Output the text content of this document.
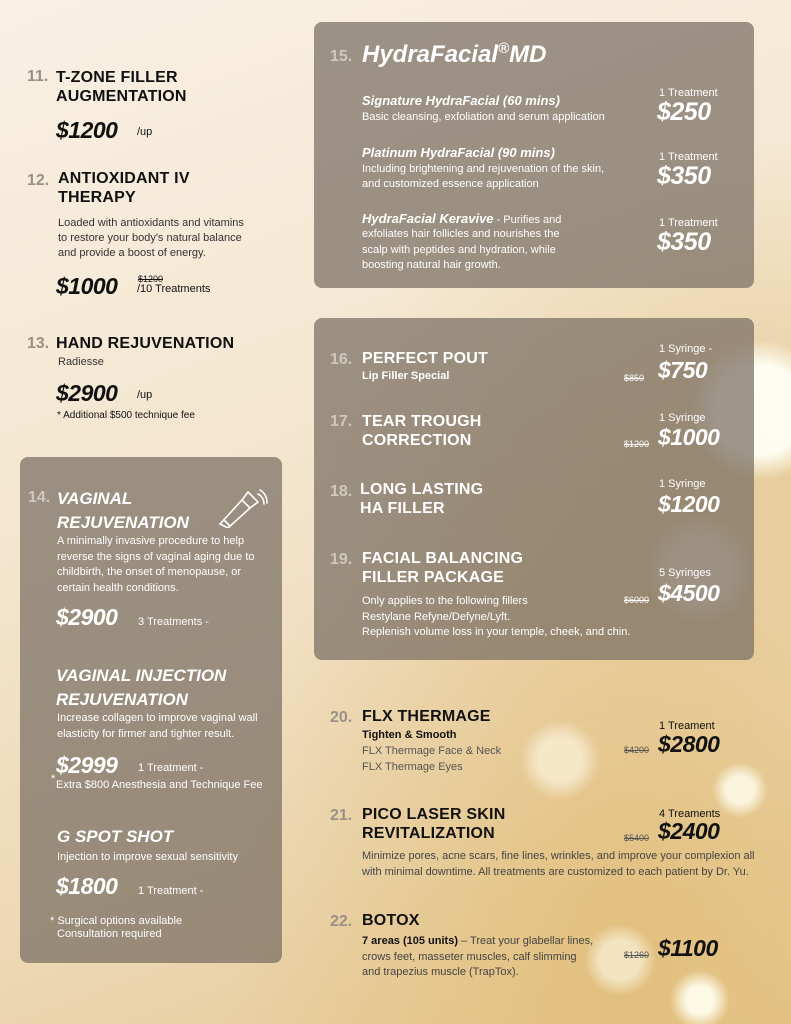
11. T-ZONE FILLER
AUGMENTATION
$1200 /up
12. ANTIOXIDANT IV
THERAPY
Loaded with antioxidants and vitamins
to restore your body's natural balance
and provide a boost of energy.
$1000 $1200
/10 Treatments
13. HAND REJUVENATION
Radiesse
$2900 /up
* Additional $500 technique fee
14. VAGINAL
REJUVENATION
A minimally invasive procedure to help
reverse the signs of vaginal aging due to
childbirth, the onset of menopause, or
certain health conditions.
$2900 3 Treatments -
VAGINAL INJECTION
REJUVENATION
Increase collagen to improve vaginal wall
elasticity for firmer and tighter result.
$2999 1 Treatment -
* Extra $800 Anesthesia and Technique Fee
G SPOT SHOT
Injection to improve sexual sensitivity
$1800 1 Treatment -
* Surgical options available
Consultation required
15. HydraFacial®MD
Signature HydraFacial (60 mins)
Basic cleansing, exfoliation and serum application
1 Treatment
$250
Platinum HydraFacial (90 mins)
Including brightening and rejuvenation of the skin,
and customized essence application
1 Treatment
$350
HydraFacial Keravive - Purifies and
exfoliates hair follicles and nourishes the
scalp with peptides and hydration, while
boosting natural hair growth.
1 Treatment
$350
16. PERFECT POUT
Lip Filler Special
1 Syringe -
$850 $750
17. TEAR TROUGH
CORRECTION
1 Syringe
$1200 $1000
18. LONG LASTING
HA FILLER
1 Syringe
$1200
19. FACIAL BALANCING
FILLER PACKAGE	5 Syringes
$6000 $4500
Only applies to the following fillers
Restylane Refyne/Defyne/Lyft.
Replenish volume loss in your temple, cheek, and chin.
20. FLX THERMAGE
Tighten & Smooth
FLX Thermage Face & Neck
FLX Thermage Eyes
1 Treament
$4200 $2800
21. PICO LASER SKIN
REVITALIZATION
4 Treaments
$5400 $2400
Minimize pores, acne scars, fine lines, wrinkles, and improve your complexion all
with minimal downtime. All treatments are customized to each patient by Dr. Yu.
22. BOTOX
7 areas (105 units) – Treat your glabellar lines,
crows feet, masseter muscles, calf slimming
and trapezius muscle (TrapTox).
$1260 $1100
